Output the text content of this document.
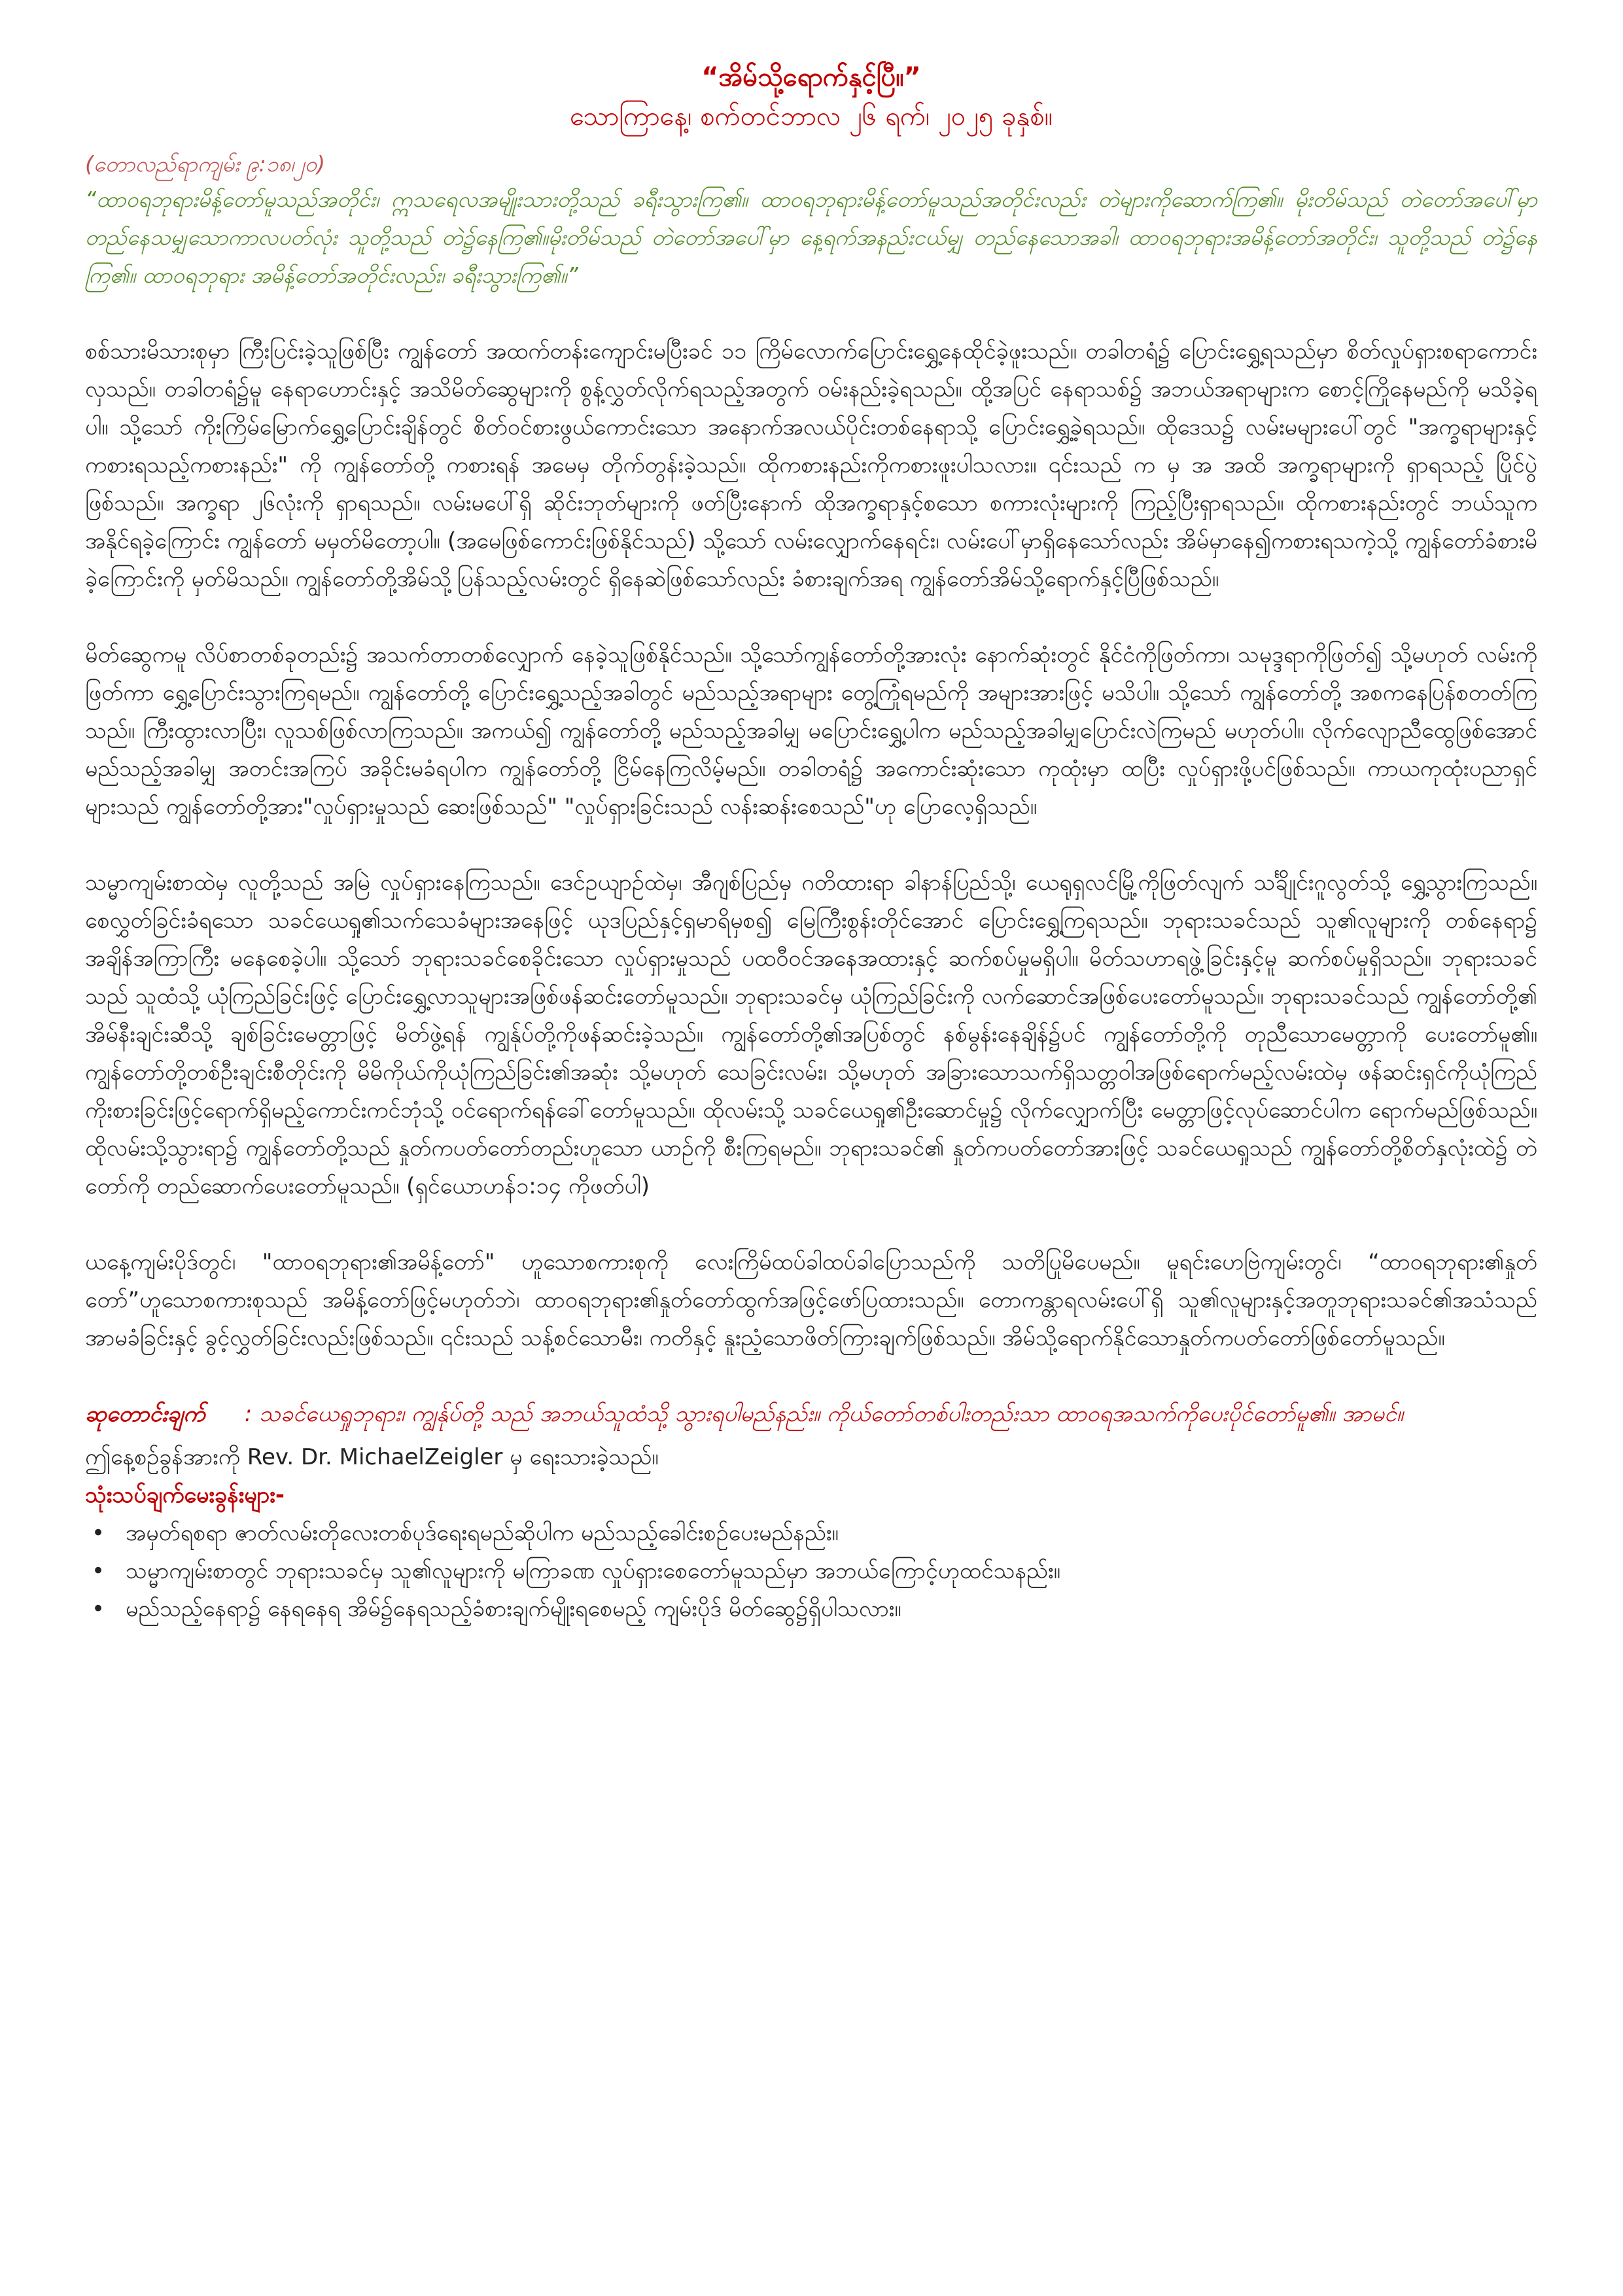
“အိမ်သို့ရောက်နှင့်ပြီ။”
သောကြာနေ့၊ စက်တင်ဘာလ ၂၆ ရက်၊ ၂၀၂၅ ခုနှစ်။

(တောလည်ရာကျမ်း ၉:၁၈၊၂၀)

“ထာဝရဘုရားမိန့်တော်မူသည်အတိုင်း၊ ဣသရေလအမျိုးသားတို့သည် ခရီးသွားကြ၏။ ထာဝရဘုရားမိန့်တော်မူသည်အတိုင်းလည်း တဲများကိုဆောက်ကြ၏။ မိုးတိမ်သည် တဲတော်အပေါ်မှာ တည်နေသမျှသောကာလပတ်လုံး သူတို့သည် တဲ၌နေကြ၏။မိုးတိမ်သည် တဲတော်အပေါ်မှာ နေ့ရက်အနည်းငယ်မျှ တည်နေသောအခါ၊ ထာဝရဘုရားအမိန့်တော်အတိုင်း၊ သူတို့သည် တဲ၌နေကြ၏။ ထာဝရဘုရား အမိန့်တော်အတိုင်းလည်း၊ ခရီးသွားကြ၏။”

စစ်သားမိသားစုမှာ ကြီးပြင်းခဲ့သူဖြစ်ပြီး ကျွန်တော် အထက်တန်းကျောင်းမပြီးခင် ၁၁ ကြိမ်လောက်ပြောင်းရွှေ့နေထိုင်ခဲ့ဖူးသည်။ တခါတရံ၌ ပြောင်းရွှေ့ရသည်မှာ စိတ်လှုပ်ရှားစရာကောင်းလှသည်။ တခါတရံ၌မူ နေရာဟောင်းနှင့် အသိမိတ်ဆွေများကို စွန့်လွှတ်လိုက်ရသည့်အတွက် ဝမ်းနည်းခဲ့ရသည်။ ထို့အပြင် နေရာသစ်၌ အဘယ်အရာများက စောင့်ကြိုနေမည်ကို မသိခဲ့ရပါ။ သို့သော် ကိုးကြိမ်မြောက်ရွှေ့ပြောင်းချိန်တွင် စိတ်ဝင်စားဖွယ်ကောင်းသော အနောက်အလယ်ပိုင်းတစ်နေရာသို့ ပြောင်းရွှေ့ခဲ့ရသည်။ ထိုဒေသ၌ လမ်းမများပေါ်တွင် "အက္ခရာများနှင့်ကစားရသည့်ကစားနည်း" ကို ကျွန်တော်တို့ ကစားရန် အမေမှ တိုက်တွန်းခဲ့သည်။ ထိုကစားနည်းကိုကစားဖူးပါသလား။ ၎င်းသည် က မှ အ အထိ အက္ခရာများကို ရှာရသည့် ပြိုင်ပွဲဖြစ်သည်။ အက္ခရာ ၂၆လုံးကို ရှာရသည်။ လမ်းမပေါ်ရှိ ဆိုင်းဘုတ်များကို ဖတ်ပြီးနောက် ထိုအက္ခရာနှင့်စသော စကားလုံးများကို ကြည့်ပြီးရှာရသည်။ ထိုကစားနည်းတွင် ဘယ်သူကအနိုင်ရခဲ့ကြောင်း ကျွန်တော် မမှတ်မိတော့ပါ။ (အမေဖြစ်ကောင်းဖြစ်နိုင်သည်) သို့သော် လမ်းလျှောက်နေရင်း၊ လမ်းပေါ်မှာရှိနေသော်လည်း အိမ်မှာနေ၍ကစားရသကဲ့သို့ ကျွန်တော်ခံစားမိခဲ့ကြောင်းကို မှတ်မိသည်။ ကျွန်တော်တို့အိမ်သို့ပြန်သည့်လမ်းတွင် ရှိနေဆဲဖြစ်သော်လည်း ခံစားချက်အရ ကျွန်တော်အိမ်သို့ရောက်နှင့်ပြီဖြစ်သည်။

မိတ်ဆွေကမူ လိပ်စာတစ်ခုတည်း၌ အသက်တာတစ်လျှောက် နေခဲ့သူဖြစ်နိုင်သည်။ သို့သော်ကျွန်တော်တို့အားလုံး နောက်ဆုံးတွင် နိုင်ငံကိုဖြတ်ကာ၊ သမုဒ္ဒရာကိုဖြတ်၍ သို့မဟုတ် လမ်းကိုဖြတ်ကာ ရွှေ့ပြောင်းသွားကြရမည်။ ကျွန်တော်တို့ ပြောင်းရွှေ့သည့်အခါတွင် မည်သည့်အရာများ တွေ့ကြုံရမည်ကို အများအားဖြင့် မသိပါ။ သို့သော် ကျွန်တော်တို့ အစကနေပြန်စတတ်ကြသည်။ ကြီးထွားလာပြီး၊ လူသစ်ဖြစ်လာကြသည်။ အကယ်၍ ကျွန်တော်တို့ မည်သည့်အခါမျှ မပြောင်းရွှေ့ပါက မည်သည့်အခါမျှပြောင်းလဲကြမည် မဟုတ်ပါ။ လိုက်လျောညီထွေဖြစ်အောင် မည်သည့်အခါမျှ အတင်းအကြပ် အခိုင်းမခံရပါက ကျွန်တော်တို့ ငြိမ်နေကြလိမ့်မည်။ တခါတရံ၌ အကောင်းဆုံးသော ကုထုံးမှာ ထပြီး လှုပ်ရှားဖို့ပင်ဖြစ်သည်။ ကာယကုထုံးပညာရှင်များသည် ကျွန်တော်တို့အား"လှုပ်ရှားမှုသည် ဆေးဖြစ်သည်" "လှုပ်ရှားခြင်းသည် လန်းဆန်းစေသည်"ဟု ပြောလေ့ရှိသည်။

သမ္မာကျမ်းစာထဲမှ လူတို့သည် အမြဲ လှုပ်ရှားနေကြသည်။ ဒေင်ဥယျာဉ်ထဲမှ၊ အီဂျစ်ပြည်မှ ဂတိထားရာ ခါနာန်ပြည်သို့၊ ယေရုရှလင်မြို့ကိုဖြတ်လျက် သင်္ချိုင်းဂူလွတ်သို့ ရွှေ့သွားကြသည်။ စေလွှတ်ခြင်းခံရသော သခင်ယေရှု၏သက်သေခံများအနေဖြင့် ယုဒပြည်နှင့်ရှမာရိမှစ၍ မြေကြီးစွန်းတိုင်အောင် ပြောင်းရွှေ့ကြရသည်။ ဘုရားသခင်သည် သူ၏လူများကို တစ်နေရာ၌ အချိန်အကြာကြီး မနေစေခဲ့ပါ။ သို့သော် ဘုရားသခင်စေခိုင်းသော လှုပ်ရှားမှုသည် ပထဝီဝင်အနေအထားနှင့် ဆက်စပ်မှုမရှိပါ။ မိတ်သဟာရဖွဲ့ခြင်းနှင့်မူ ဆက်စပ်မှုရှိသည်။ ဘုရားသခင်သည် သူထံသို့ ယုံကြည်ခြင်းဖြင့် ပြောင်းရွှေ့လာသူများအဖြစ်ဖန်ဆင်းတော်မူသည်။ ဘုရားသခင်မှ ယုံကြည်ခြင်းကို လက်ဆောင်အဖြစ်ပေးတော်မူသည်။ ဘုရားသခင်သည် ကျွန်တော်တို့၏ အိမ်နီးချင်းဆီသို့ ချစ်ခြင်းမေတ္တာဖြင့် မိတ်ဖွဲ့ရန် ကျွန်ုပ်တို့ကိုဖန်ဆင်းခဲ့သည်။ ကျွန်တော်တို့၏အပြစ်တွင် နစ်မွန်းနေချိန်၌ပင် ကျွန်တော်တို့ကို တုညီသောမေတ္တာကို ပေးတော်မူ၏။ ကျွန်တော်တို့တစ်ဦးချင်းစီတိုင်းကို မိမိကိုယ်ကိုယုံကြည်ခြင်း၏အဆုံး သို့မဟုတ် သေခြင်းလမ်း၊ သို့မဟုတ် အခြားသောသက်ရှိသတ္တဝါအဖြစ်ရောက်မည့်လမ်းထဲမှ ဖန်ဆင်းရှင်ကိုယုံကြည်ကိုးစားခြင်းဖြင့်ရောက်ရှိမည့်ကောင်းကင်ဘုံသို့ ဝင်ရောက်ရန်ခေါ်တော်မူသည်။ ထိုလမ်းသို့ သခင်ယေရှု၏ဦးဆောင်မှု၌ လိုက်လျှောက်ပြီး မေတ္တာဖြင့်လုပ်ဆောင်ပါက ရောက်မည်ဖြစ်သည်။ ထိုလမ်းသို့သွားရာ၌ ကျွန်တော်တို့သည် နှုတ်ကပတ်တော်တည်းဟူသော ယာဉ်ကို စီးကြရမည်။ ဘုရားသခင်၏ နှုတ်ကပတ်တော်အားဖြင့် သခင်ယေရှုသည် ကျွန်တော်တို့စိတ်နှလုံးထဲ၌ တဲတော်ကို တည်ဆောက်ပေးတော်မူသည်။ (ရှင်ယောဟန်၁:၁၄ ကိုဖတ်ပါ)

ယနေ့ကျမ်းပိုဒ်တွင်၊ "ထာဝရဘုရား၏အမိန့်တော်" ဟူသောစကားစုကို လေးကြိမ်ထပ်ခါထပ်ခါပြောသည်ကို သတိပြုမိပေမည်။ မူရင်းဟေဗြဲကျမ်းတွင်၊ “ထာဝရဘုရား၏နှုတ်တော်”ဟူသောစကားစုသည် အမိန့်တော်ဖြင့်မဟုတ်ဘဲ၊ ထာဝရဘုရား၏နှုတ်တော်ထွက်အဖြင့်ဖော်ပြထားသည်။ တောကန္တာရလမ်းပေါ်ရှိ သူ၏လူများနှင့်အတူဘုရားသခင်၏အသံသည် အာမခံခြင်းနှင့် ခွင့်လွှတ်ခြင်းလည်းဖြစ်သည်။ ၎င်းသည် သန့်စင်သောမီး၊ ကတိနှင့် နူးညံ့သောဖိတ်ကြားချက်ဖြစ်သည်။ အိမ်သို့ရောက်နိုင်သောနှုတ်ကပတ်တော်ဖြစ်တော်မူသည်။

ဆုတောင်းချက် : သခင်ယေရှုဘုရား၊ ကျွန်ုပ်တို့ သည် အဘယ်သူထံသို့ သွားရပါမည်နည်း။ ကိုယ်တော်တစ်ပါးတည်းသာ ထာဝရအသက်ကိုပေးပိုင်တော်မူ၏။ အာမင်။

ဤနေ့စဉ်ခွန်အားကို Rev. Dr. MichaelZeigler မှ ရေးသားခဲ့သည်။

သုံးသပ်ချက်မေးခွန်းများ-

• အမှတ်ရစရာ ဇာတ်လမ်းတိုလေးတစ်ပုဒ်ရေးရမည်ဆိုပါက မည်သည့်ခေါင်းစဉ်ပေးမည်နည်း။
• သမ္မာကျမ်းစာတွင် ဘုရားသခင်မှ သူ၏လူများကို မကြာခဏ လှုပ်ရှားစေတော်မူသည်မှာ အဘယ်ကြောင့်ဟုထင်သနည်း။
• မည်သည့်နေရာ၌ နေရနေရ အိမ်၌နေရသည့်ခံစားချက်မျိုးရစေမည့် ကျမ်းပိုဒ် မိတ်ဆွေ၌ရှိပါသလား။
